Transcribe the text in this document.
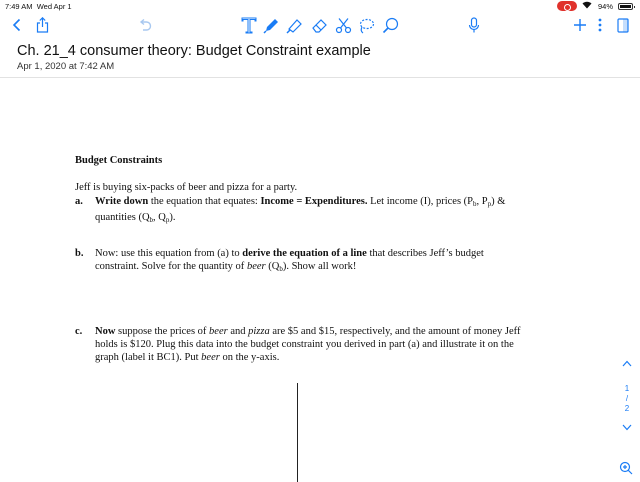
7:49 AM Wed Apr 1	94%
Ch. 21_4 consumer theory: Budget Constraint example
Apr 1, 2020 at 7:42 AM
Budget Constraints
Jeff is buying six-packs of beer and pizza for a party.
a. Write down the equation that equates: Income = Expenditures. Let income (I), prices ($P_b$, $P_p$) &
quantities ($Q_b$, $Q_p$).
b. Now: use this equation from (a) to derive the equation of a line that describes Jeff’s budget
constraint. Solve for the quantity of beer $(Q_b)$. Show all work!
c. Now suppose the prices of beer and pizza are $5 and $15, respectively, and the amount of money Jeff
holds is $120. Plug this data into the budget constraint you derived in part (a) and illustrate it on the
graph (label it BC1). Put beer on the y-axis.
1
/
2
